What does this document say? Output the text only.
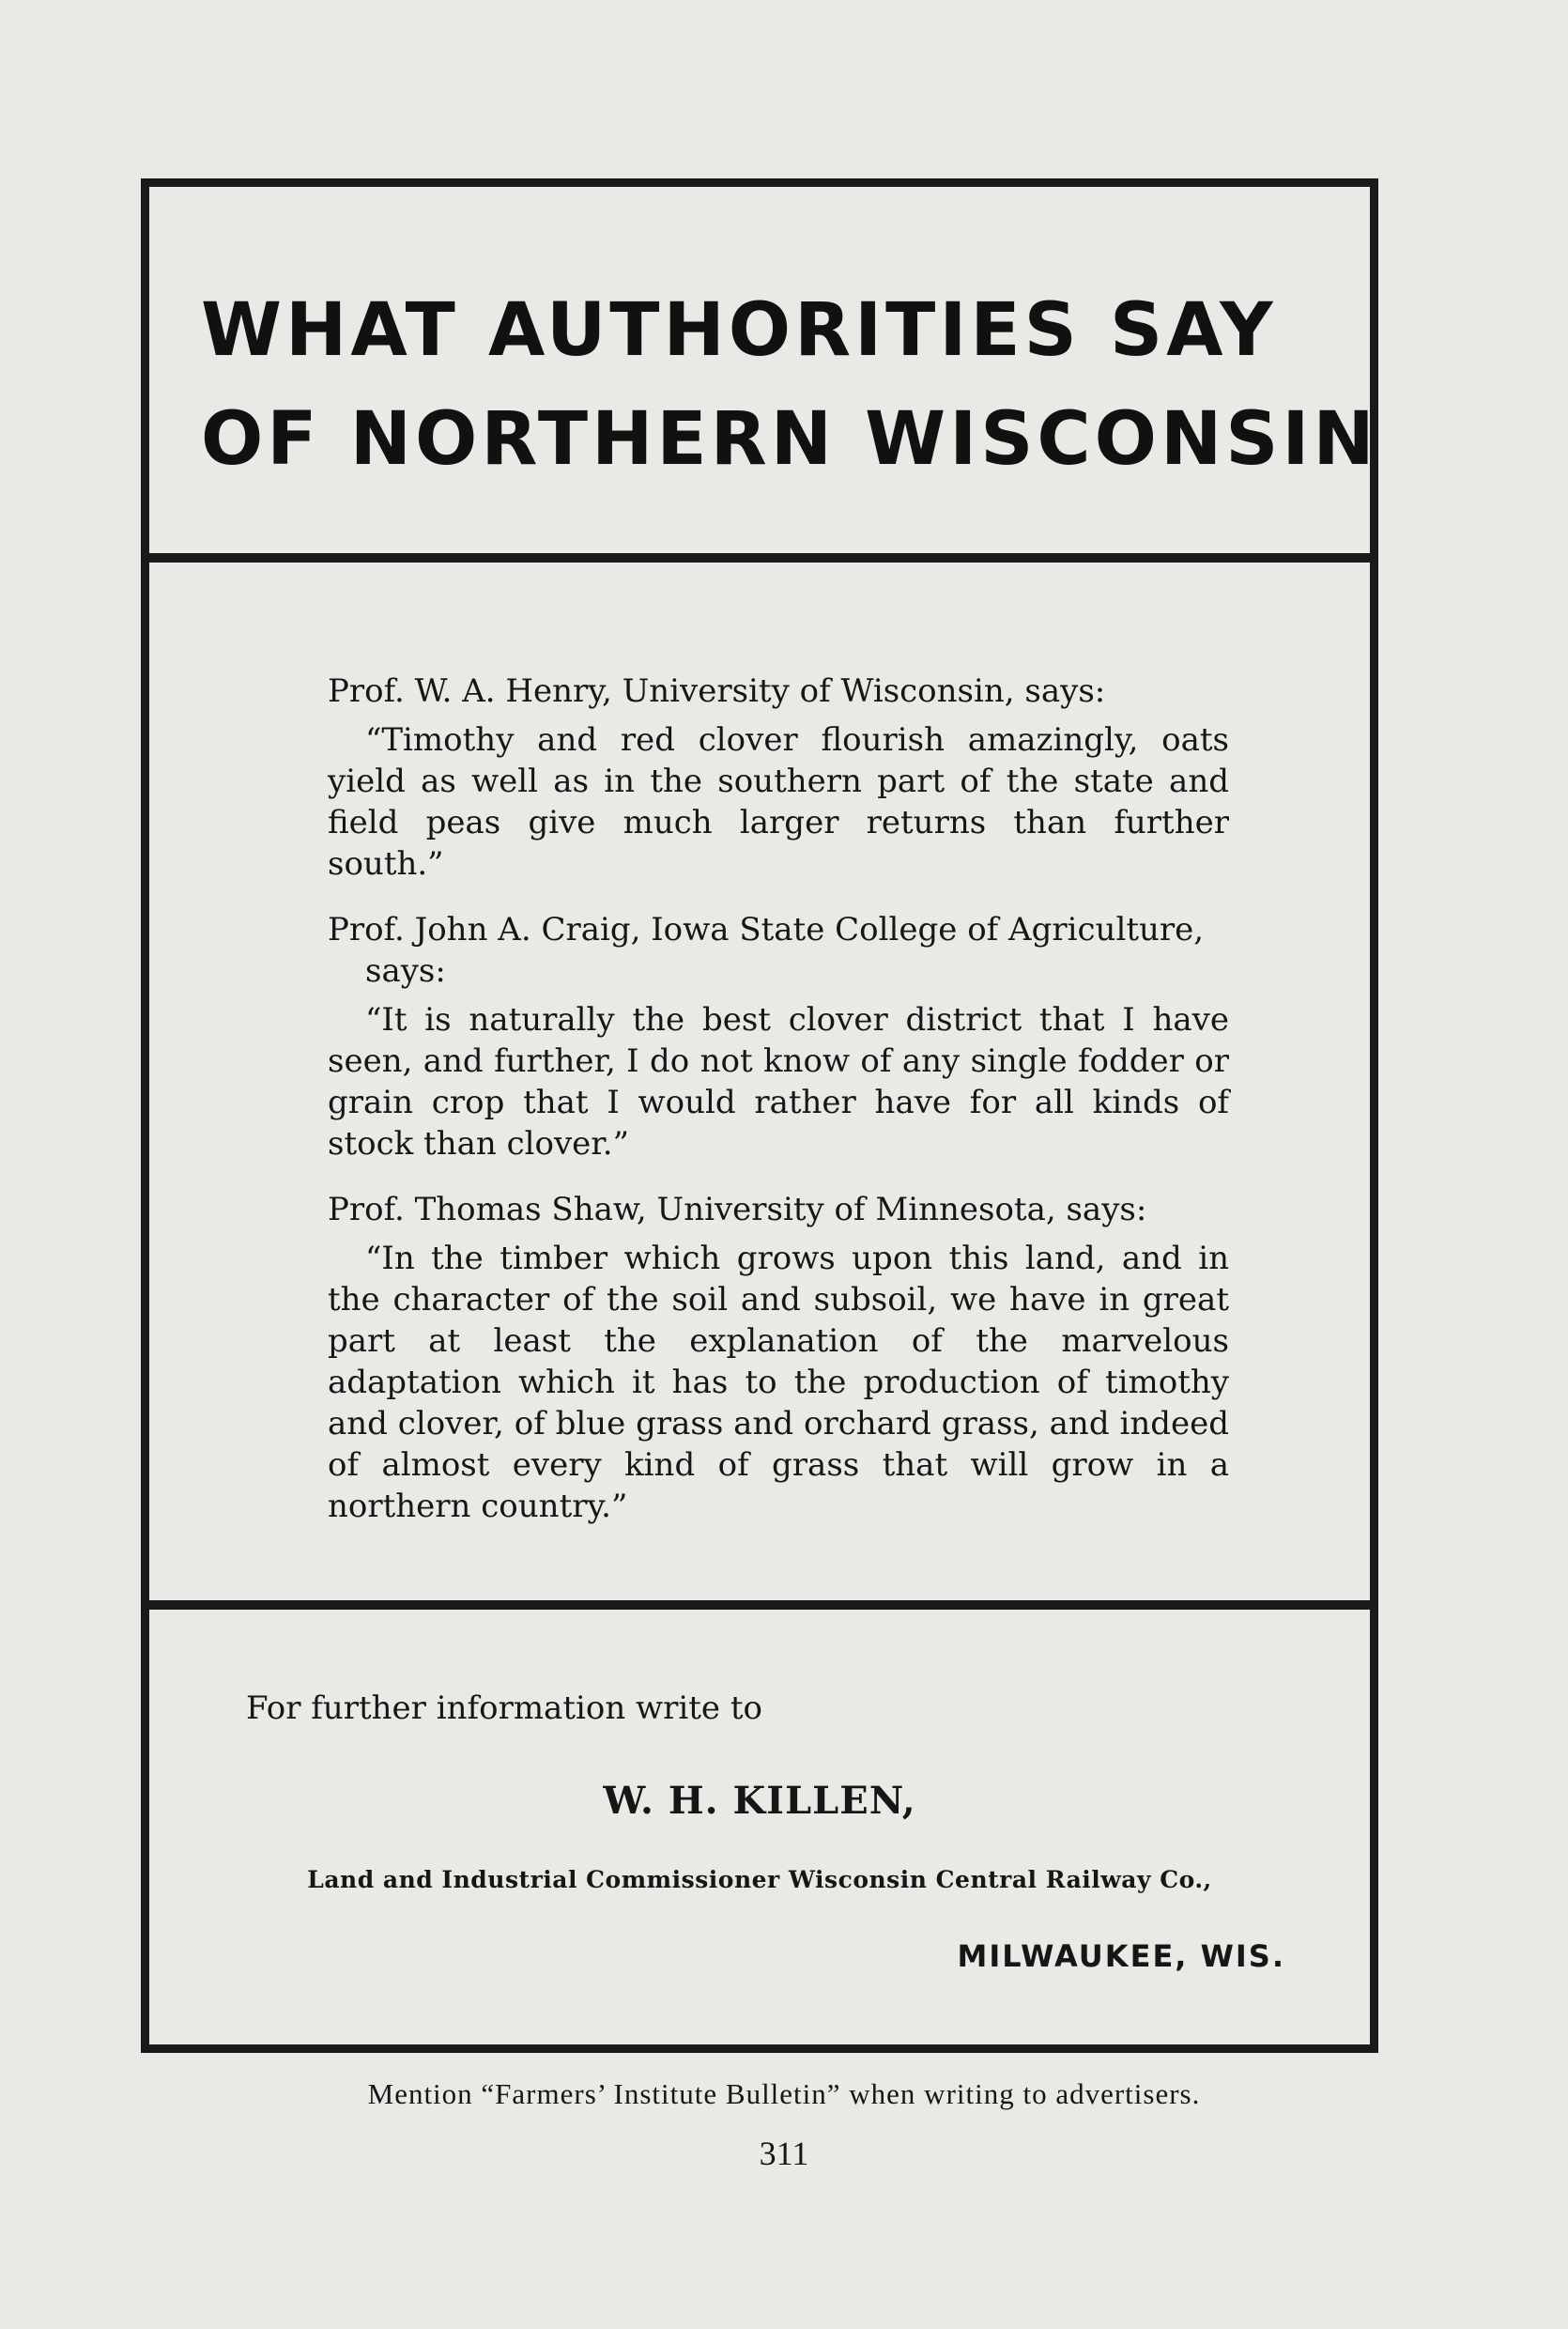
WHAT AUTHORITIES SAY
OF NORTHERN WISCONSIN

Prof. W. A. Henry, University of Wisconsin, says:

“Timothy and red clover flourish amazingly, oats yield as well as in the southern part of the state and field peas give much larger returns than further south.”

Prof. John A. Craig, Iowa State College of Agriculture, says:

“It is naturally the best clover district that I have seen, and further, I do not know of any single fodder or grain crop that I would rather have for all kinds of stock than clover.”

Prof. Thomas Shaw, University of Minnesota, says:

“In the timber which grows upon this land, and in the character of the soil and subsoil, we have in great part at least the explanation of the marvelous adaptation which it has to the production of timothy and clover, of blue grass and orchard grass, and indeed of almost every kind of grass that will grow in a northern country.”

For further information write to
W. H. KILLEN,
Land and Industrial Commissioner Wisconsin Central Railway Co.,
MILWAUKEE, WIS.
Mention “Farmers’ Institute Bulletin” when writing to advertisers.
311
